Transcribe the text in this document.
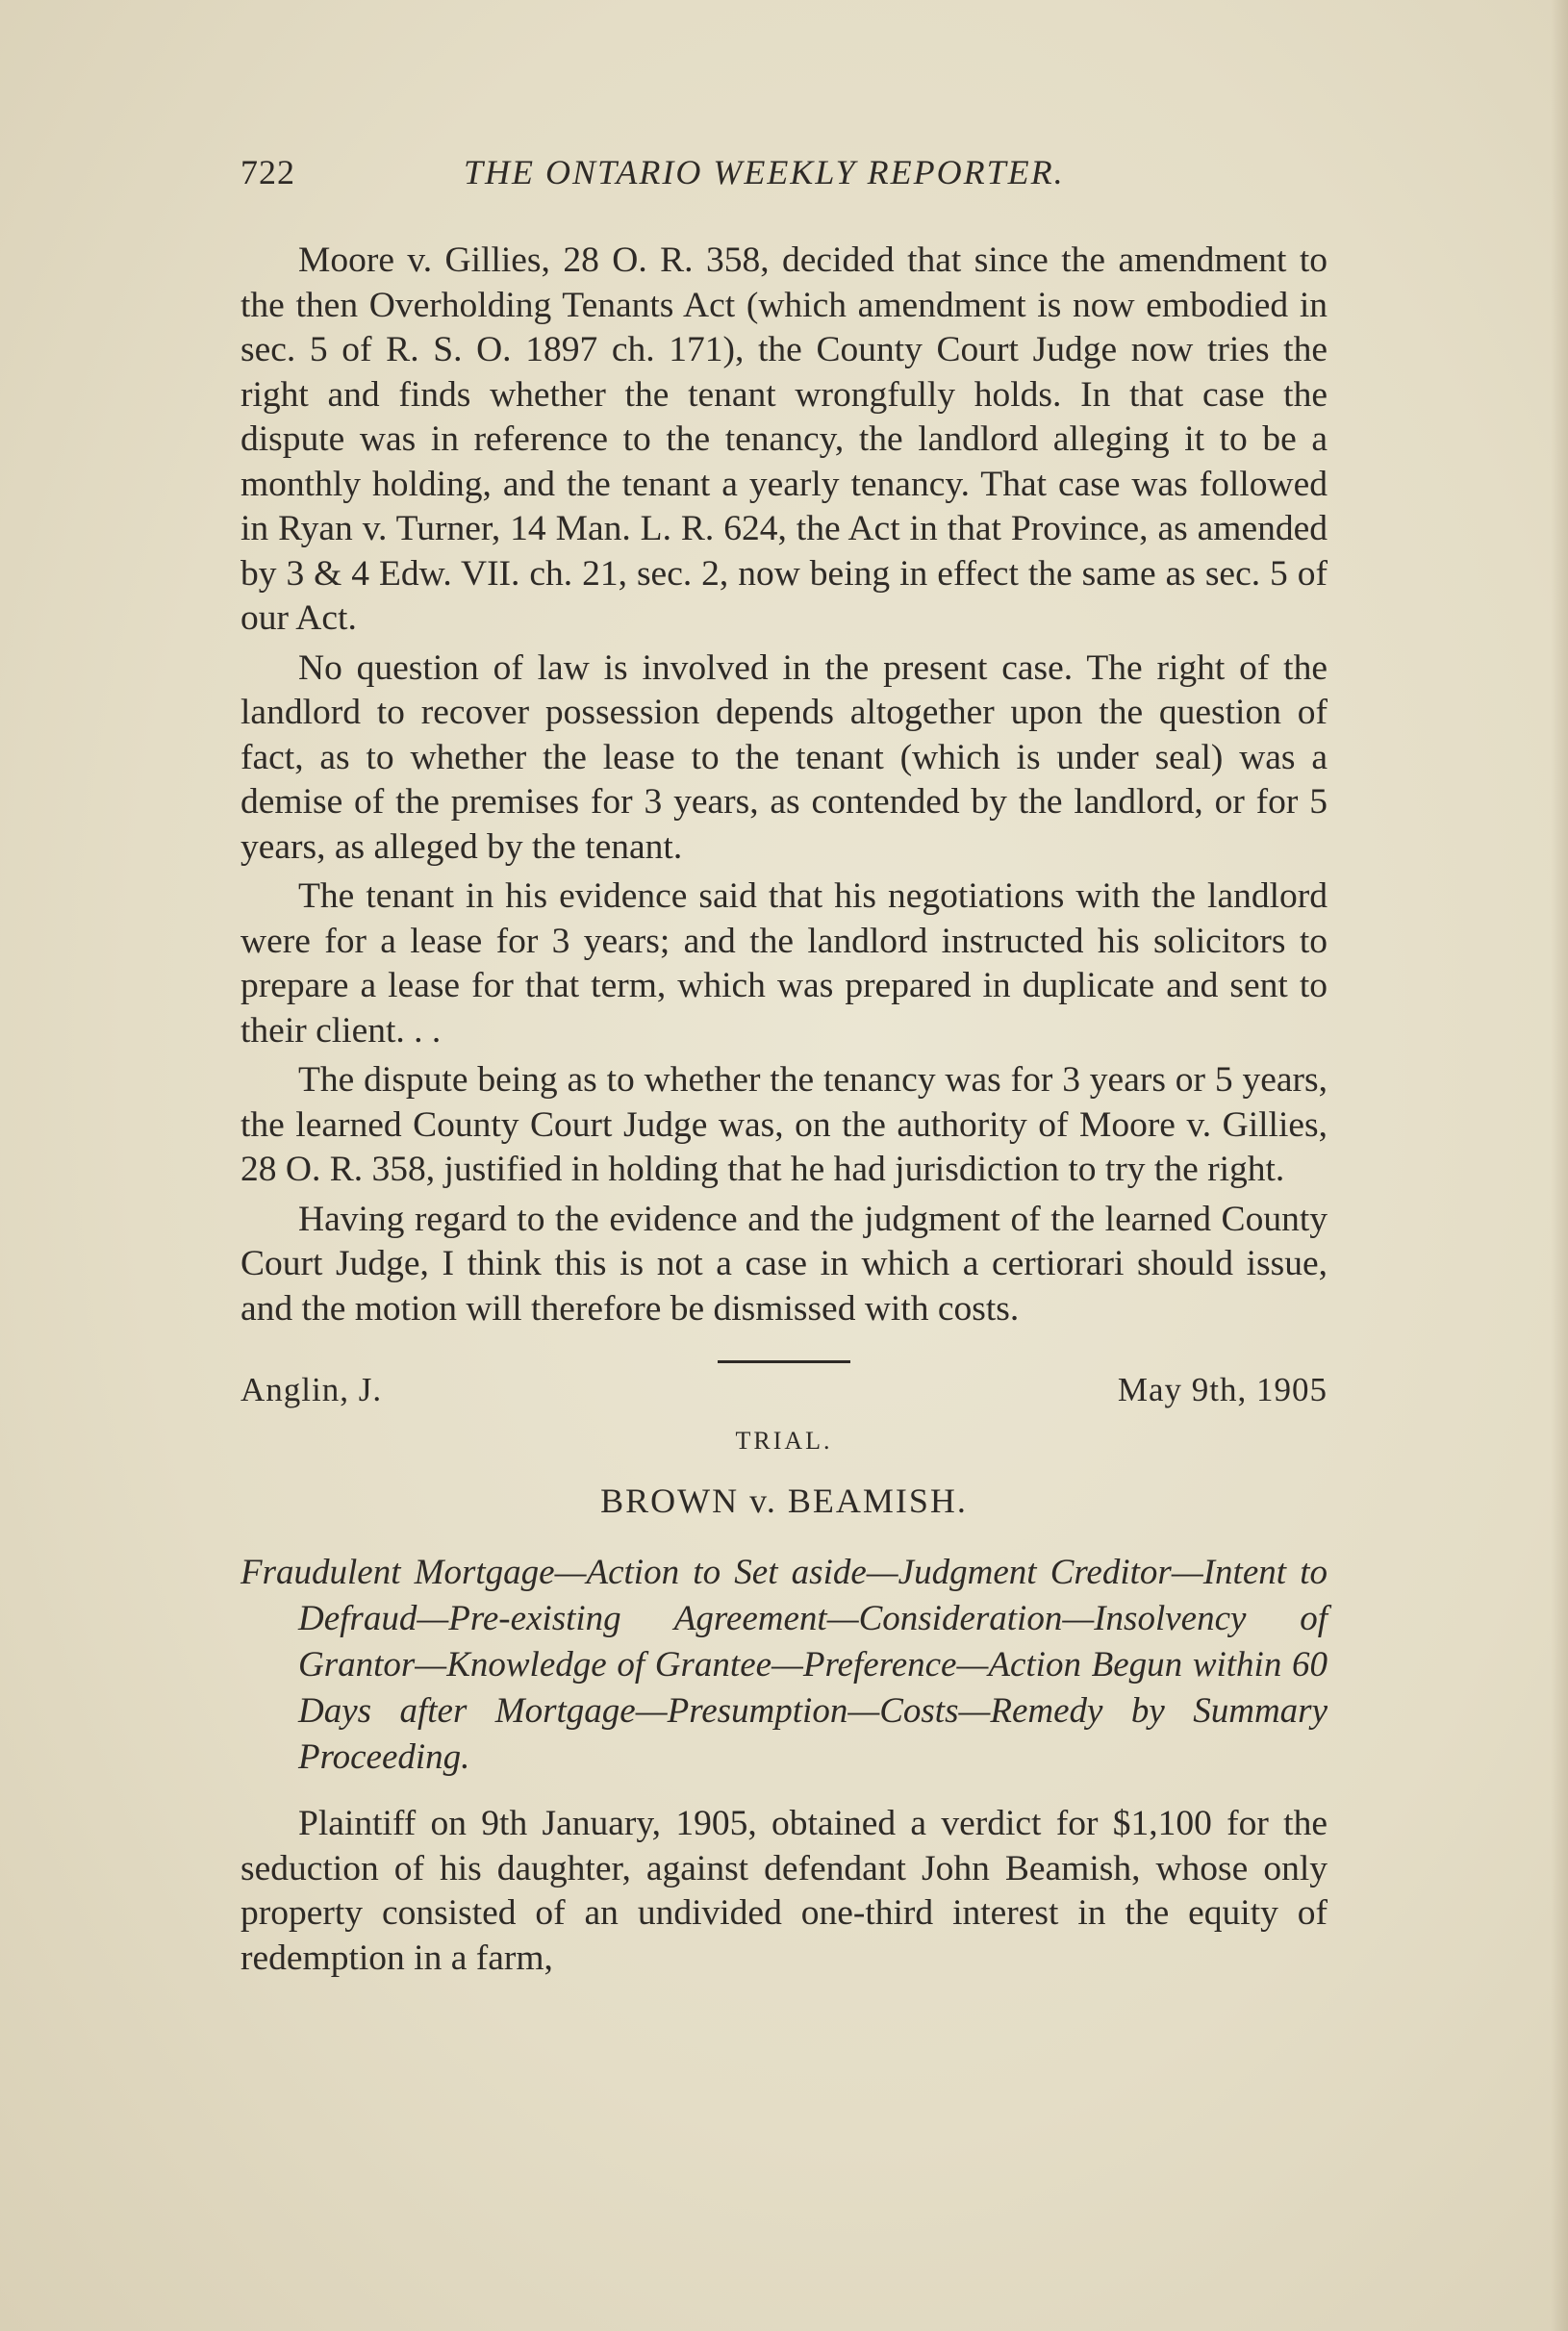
722	THE ONTARIO WEEKLY REPORTER.

Moore v. Gillies, 28 O. R. 358, decided that since the amendment to the then Overholding Tenants Act (which amendment is now embodied in sec. 5 of R. S. O. 1897 ch. 171), the County Court Judge now tries the right and finds whether the tenant wrongfully holds. In that case the dispute was in reference to the tenancy, the landlord alleging it to be a monthly holding, and the tenant a yearly tenancy. That case was followed in Ryan v. Turner, 14 Man. L. R. 624, the Act in that Province, as amended by 3 & 4 Edw. VII. ch. 21, sec. 2, now being in effect the same as sec. 5 of our Act.

No question of law is involved in the present case. The right of the landlord to recover possession depends altogether upon the question of fact, as to whether the lease to the tenant (which is under seal) was a demise of the premises for 3 years, as contended by the landlord, or for 5 years, as alleged by the tenant.

The tenant in his evidence said that his negotiations with the landlord were for a lease for 3 years; and the landlord instructed his solicitors to prepare a lease for that term, which was prepared in duplicate and sent to their client. . .

The dispute being as to whether the tenancy was for 3 years or 5 years, the learned County Court Judge was, on the authority of Moore v. Gillies, 28 O. R. 358, justified in holding that he had jurisdiction to try the right.

Having regard to the evidence and the judgment of the learned County Court Judge, I think this is not a case in which a certiorari should issue, and the motion will therefore be dismissed with costs.

Anglin, J.	May 9th, 1905
TRIAL.
BROWN v. BEAMISH.
Fraudulent Mortgage—Action to Set aside—Judgment Creditor—Intent to Defraud—Pre-existing Agreement—Consideration—Insolvency of Grantor—Knowledge of Grantee—Preference—Action Begun within 60 Days after Mortgage—Presumption—Costs—Remedy by Summary Proceeding.

Plaintiff on 9th January, 1905, obtained a verdict for $1,100 for the seduction of his daughter, against defendant John Beamish, whose only property consisted of an undivided one-third interest in the equity of redemption in a farm,
